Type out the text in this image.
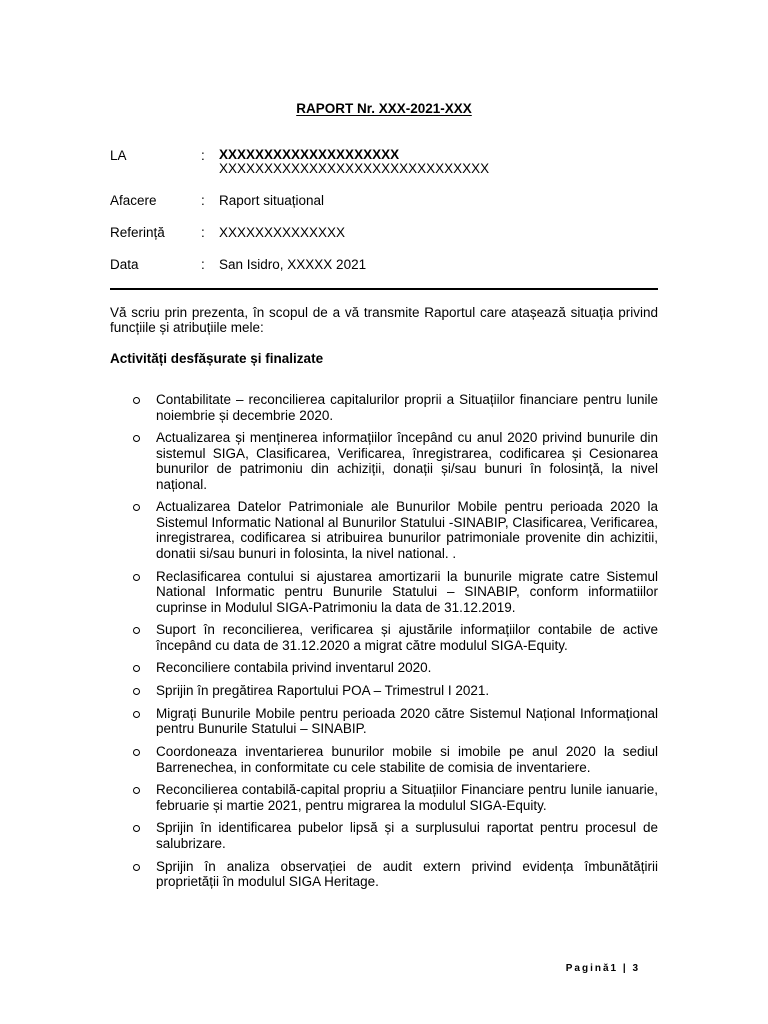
RAPORT Nr. XXX-2021-XXX
LA	:	XXXXXXXXXXXXXXXXXXXX
XXXXXXXXXXXXXXXXXXXXXXXXXXXXXX
Afacere	:	Raport situațional
Referință	:	XXXXXXXXXXXXXX
Data	:	San Isidro, XXXXX 2021
Vă scriu prin prezenta, în scopul de a vă transmite Raportul care atașează situația privind funcțiile și atribuțiile mele:
Activități desfășurate și finalizate
Contabilitate – reconcilierea capitalurilor proprii a Situațiilor financiare pentru lunile noiembrie și decembrie 2020.
Actualizarea și menținerea informațiilor începând cu anul 2020 privind bunurile din sistemul SIGA, Clasificarea, Verificarea, înregistrarea, codificarea și Cesionarea bunurilor de patrimoniu din achiziții, donații și/sau bunuri în folosință, la nivel național.
Actualizarea Datelor Patrimoniale ale Bunurilor Mobile pentru perioada 2020 la Sistemul Informatic National al Bunurilor Statului -SINABIP, Clasificarea, Verificarea, inregistrarea, codificarea si atribuirea bunurilor patrimoniale provenite din achizitii, donatii si/sau bunuri in folosinta, la nivel national. .
Reclasificarea contului si ajustarea amortizarii la bunurile migrate catre Sistemul National Informatic pentru Bunurile Statului – SINABIP, conform informatiilor cuprinse in Modulul SIGA-Patrimoniu la data de 31.12.2019.
Suport în reconcilierea, verificarea și ajustările informațiilor contabile de active începând cu data de 31.12.2020 a migrat către modulul SIGA-Equity.
Reconciliere contabila privind inventarul 2020.
Sprijin în pregătirea Raportului POA – Trimestrul I 2021.
Migrați Bunurile Mobile pentru perioada 2020 către Sistemul Național Informațional pentru Bunurile Statului – SINABIP.
Coordoneaza inventarierea bunurilor mobile si imobile pe anul 2020 la sediul Barrenechea, in conformitate cu cele stabilite de comisia de inventariere.
Reconcilierea contabilă-capital propriu a Situațiilor Financiare pentru lunile ianuarie, februarie și martie 2021, pentru migrarea la modulul SIGA-Equity.
Sprijin în identificarea pubelor lipsă și a surplusului raportat pentru procesul de salubrizare.
Sprijin în analiza observației de audit extern privind evidența îmbunătățirii proprietății în modulul SIGA Heritage.
Pagină1 | 3
